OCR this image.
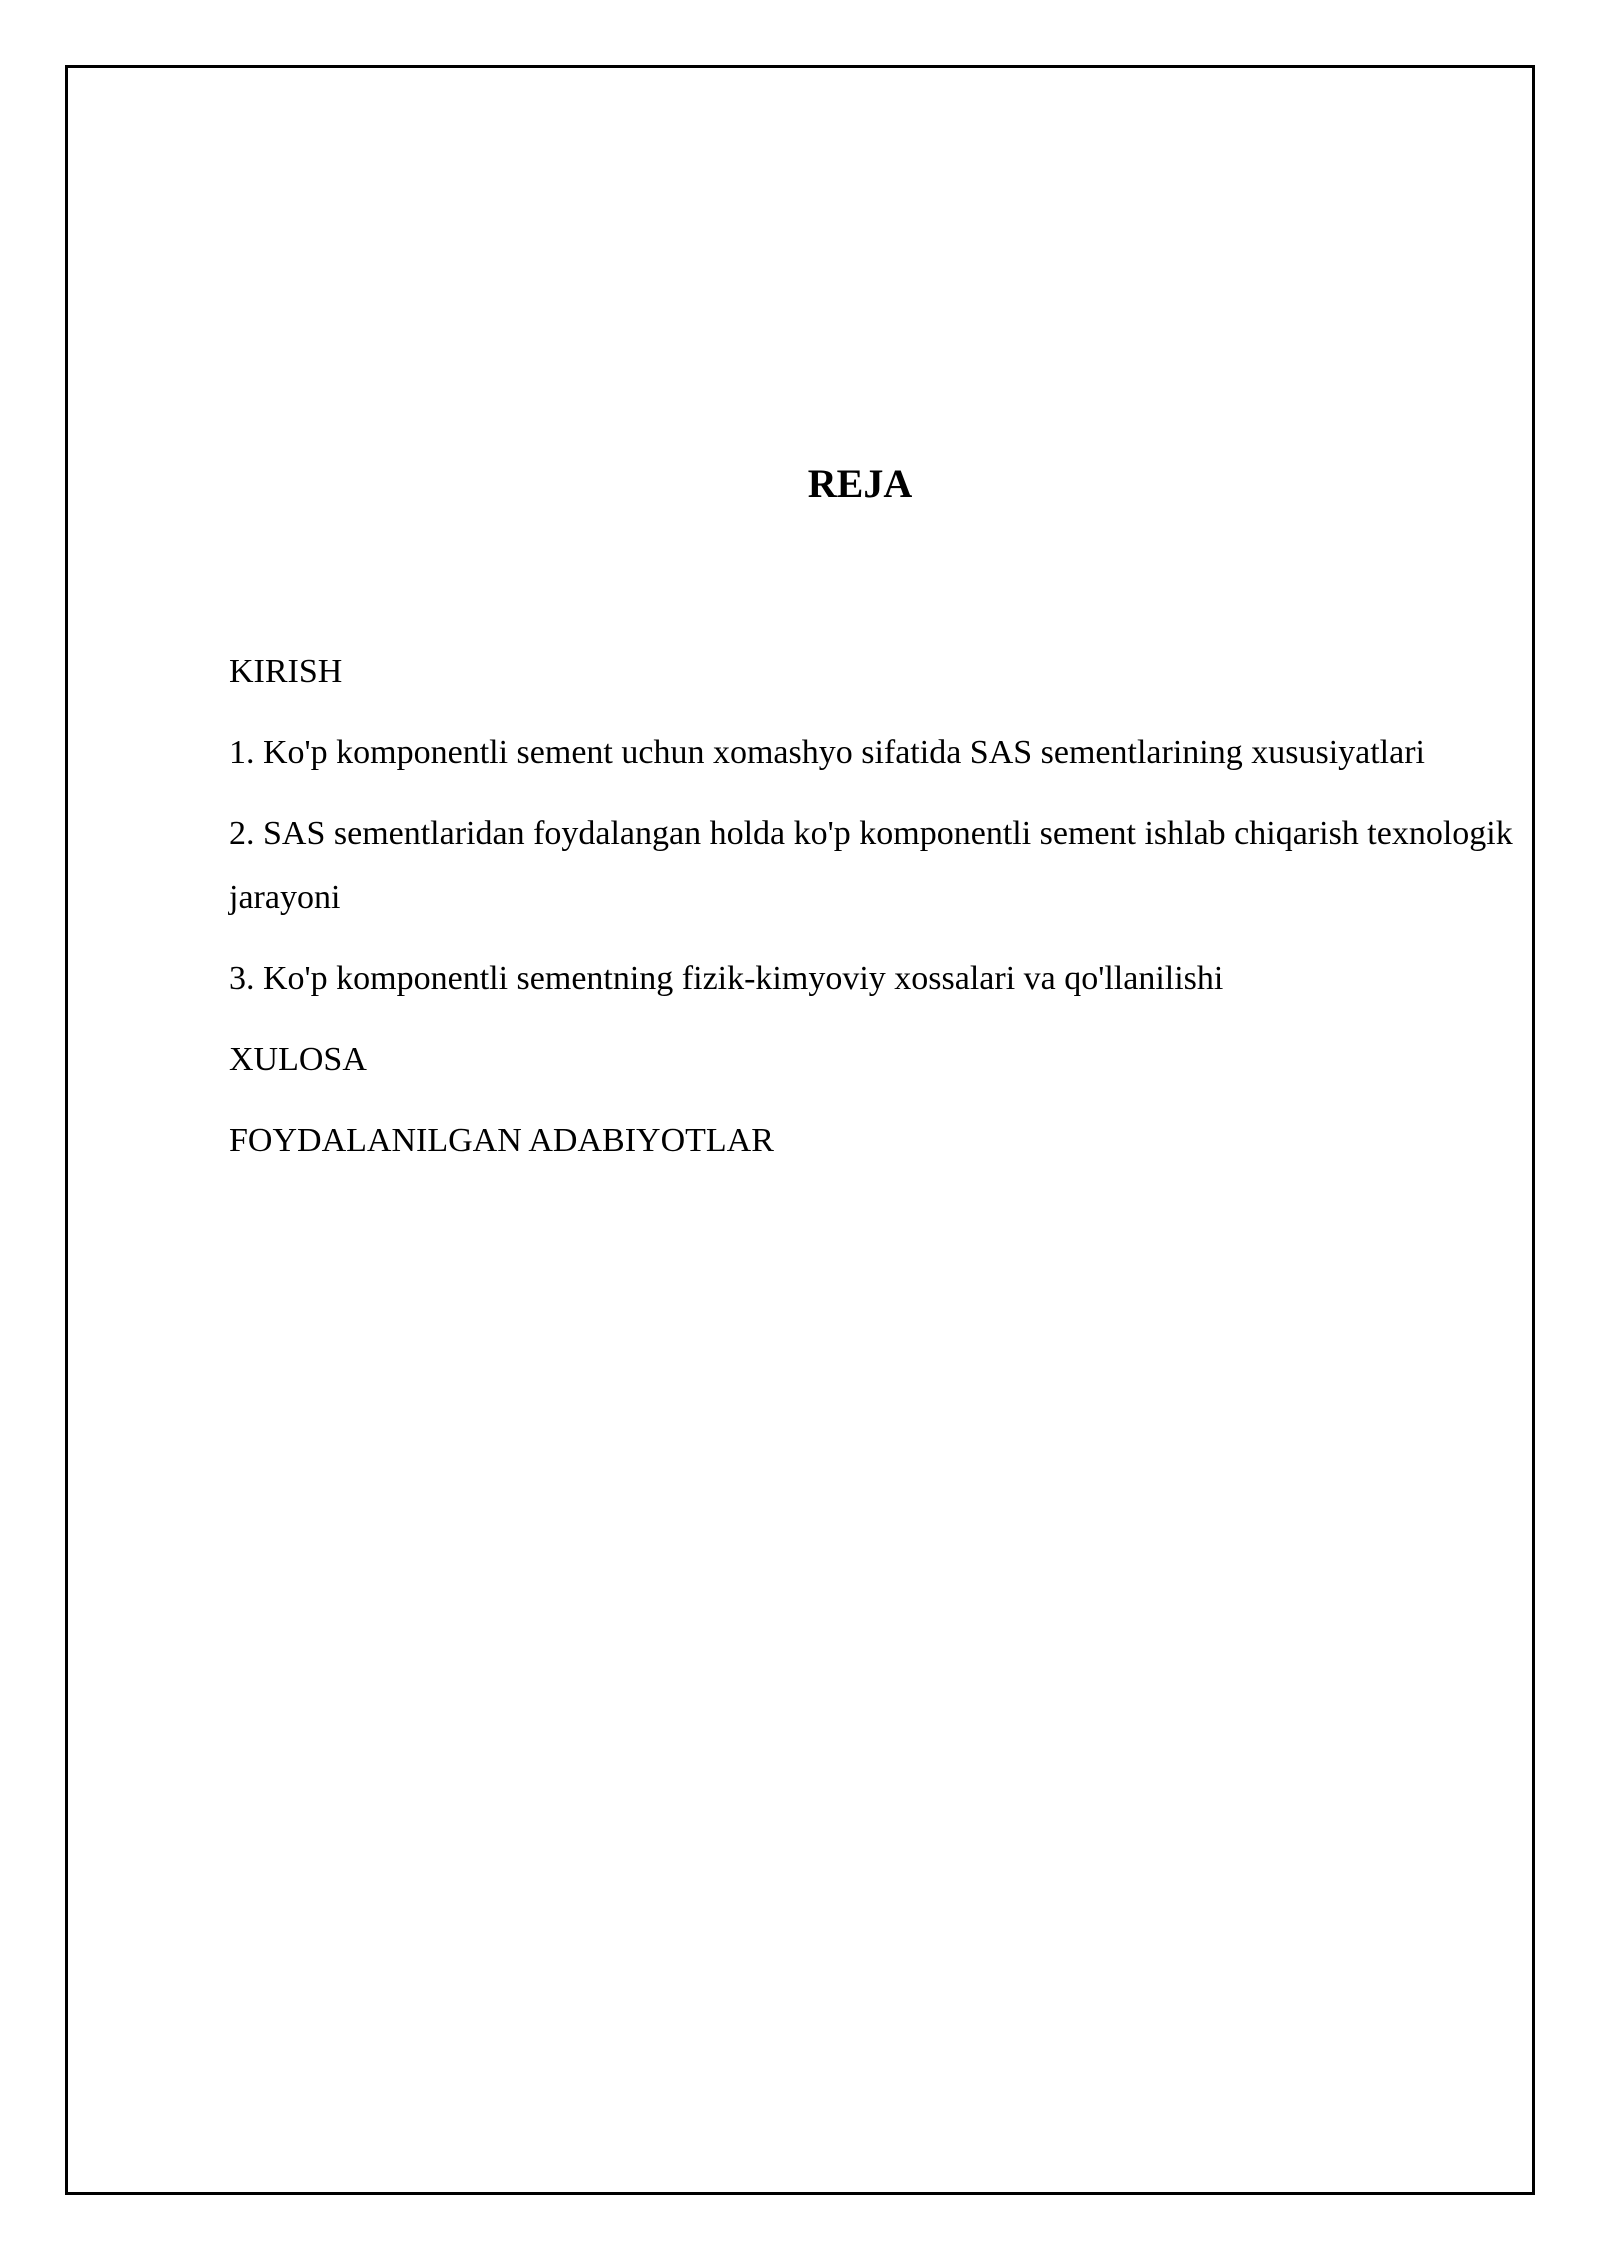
REJA
KIRISH
1. Ko'p komponentli sement uchun xomashyo sifatida SAS sementlarining xususiyatlari
2. SAS sementlaridan foydalangan holda ko'p komponentli sement ishlab chiqarish texnologik jarayoni
3. Ko'p komponentli sementning fizik-kimyoviy xossalari va qo'llanilishi
XULOSA
FOYDALANILGAN ADABIYOTLAR
